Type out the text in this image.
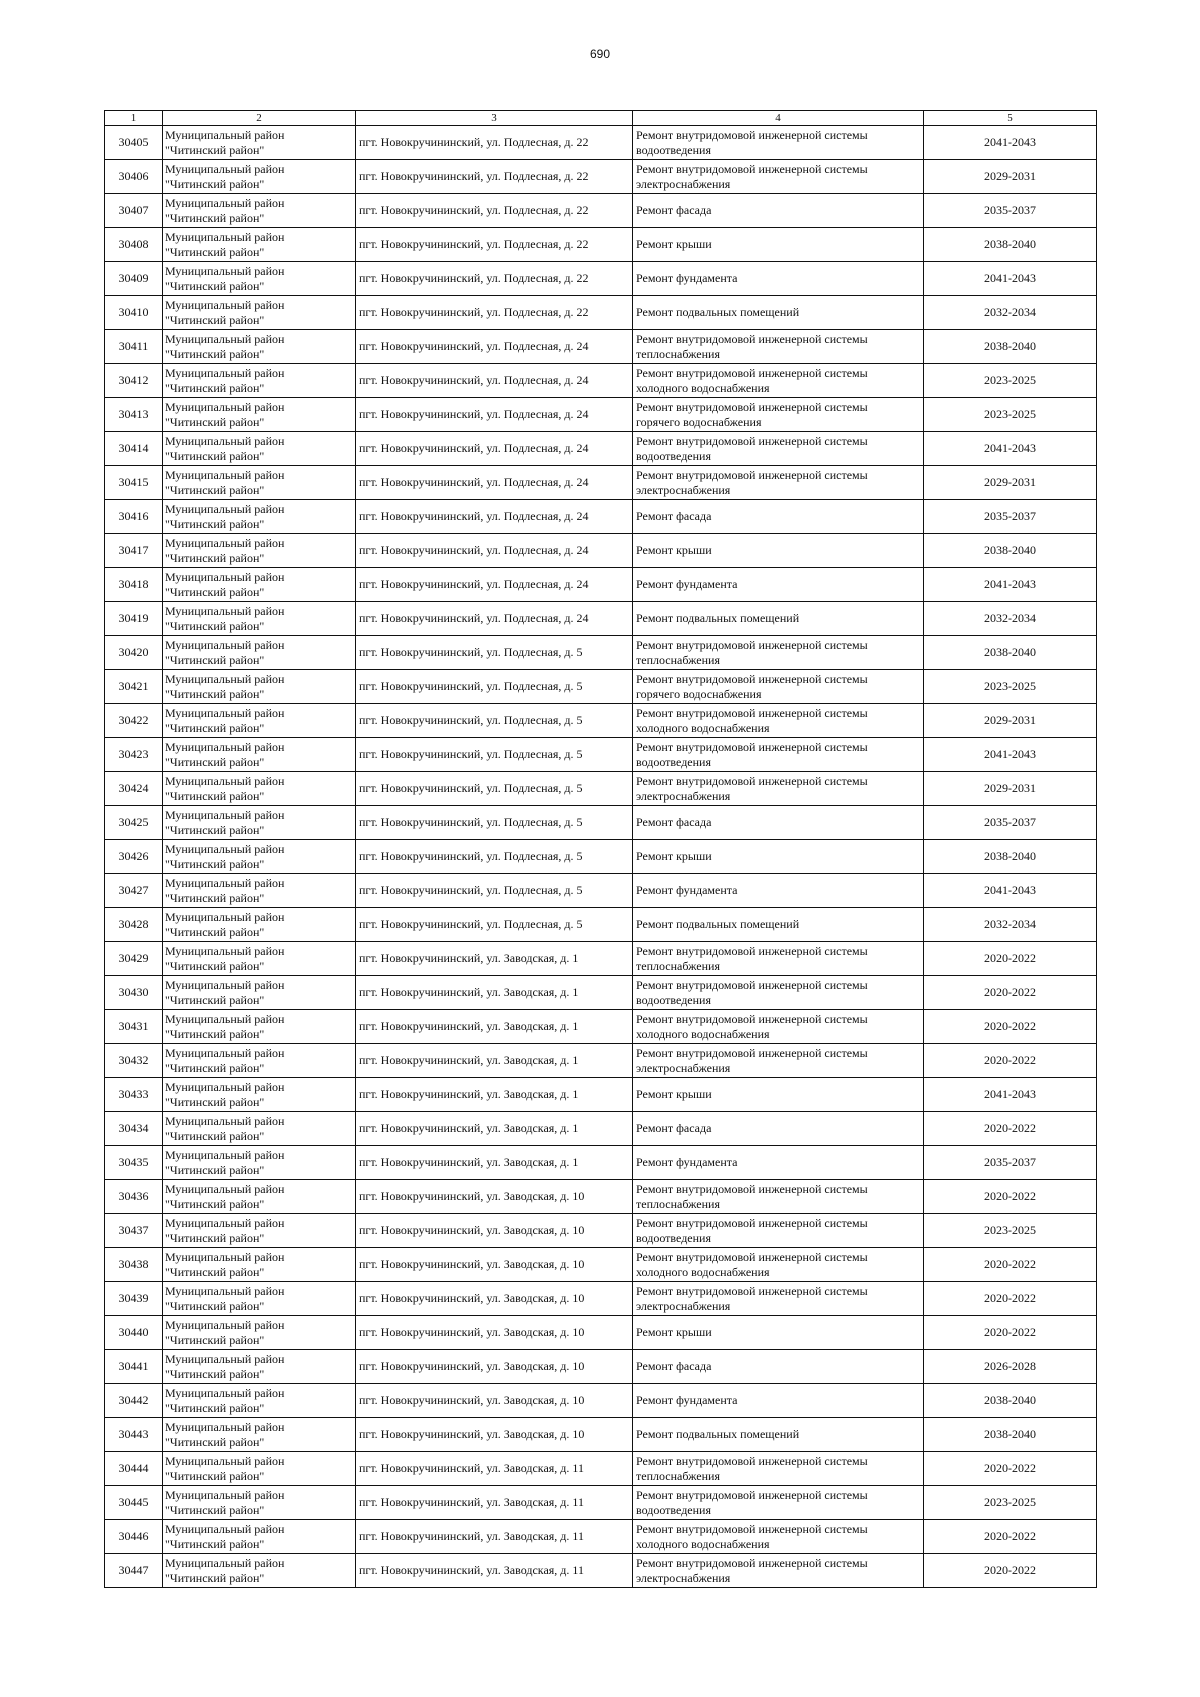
690
1	2	3	4	5
30405	Муниципальный район
"Читинский район"	пгт. Новокручининский, ул. Подлесная, д. 22	Ремонт внутридомовой инженерной системы
водоотведения	2041-2043
30406	Муниципальный район
"Читинский район"	пгт. Новокручининский, ул. Подлесная, д. 22	Ремонт внутридомовой инженерной системы
электроснабжения	2029-2031
30407	Муниципальный район
"Читинский район"	пгт. Новокручининский, ул. Подлесная, д. 22	Ремонт фасада	2035-2037
30408	Муниципальный район
"Читинский район"	пгт. Новокручининский, ул. Подлесная, д. 22	Ремонт крыши	2038-2040
30409	Муниципальный район
"Читинский район"	пгт. Новокручининский, ул. Подлесная, д. 22	Ремонт фундамента	2041-2043
30410	Муниципальный район
"Читинский район"	пгт. Новокручининский, ул. Подлесная, д. 22	Ремонт подвальных помещений	2032-2034
30411	Муниципальный район
"Читинский район"	пгт. Новокручининский, ул. Подлесная, д. 24	Ремонт внутридомовой инженерной системы
теплоснабжения	2038-2040
30412	Муниципальный район
"Читинский район"	пгт. Новокручининский, ул. Подлесная, д. 24	Ремонт внутридомовой инженерной системы
холодного водоснабжения	2023-2025
30413	Муниципальный район
"Читинский район"	пгт. Новокручининский, ул. Подлесная, д. 24	Ремонт внутридомовой инженерной системы
горячего водоснабжения	2023-2025
30414	Муниципальный район
"Читинский район"	пгт. Новокручининский, ул. Подлесная, д. 24	Ремонт внутридомовой инженерной системы
водоотведения	2041-2043
30415	Муниципальный район
"Читинский район"	пгт. Новокручининский, ул. Подлесная, д. 24	Ремонт внутридомовой инженерной системы
электроснабжения	2029-2031
30416	Муниципальный район
"Читинский район"	пгт. Новокручининский, ул. Подлесная, д. 24	Ремонт фасада	2035-2037
30417	Муниципальный район
"Читинский район"	пгт. Новокручининский, ул. Подлесная, д. 24	Ремонт крыши	2038-2040
30418	Муниципальный район
"Читинский район"	пгт. Новокручининский, ул. Подлесная, д. 24	Ремонт фундамента	2041-2043
30419	Муниципальный район
"Читинский район"	пгт. Новокручининский, ул. Подлесная, д. 24	Ремонт подвальных помещений	2032-2034
30420	Муниципальный район
"Читинский район"	пгт. Новокручининский, ул. Подлесная, д. 5	Ремонт внутридомовой инженерной системы
теплоснабжения	2038-2040
30421	Муниципальный район
"Читинский район"	пгт. Новокручининский, ул. Подлесная, д. 5	Ремонт внутридомовой инженерной системы
горячего водоснабжения	2023-2025
30422	Муниципальный район
"Читинский район"	пгт. Новокручининский, ул. Подлесная, д. 5	Ремонт внутридомовой инженерной системы
холодного водоснабжения	2029-2031
30423	Муниципальный район
"Читинский район"	пгт. Новокручининский, ул. Подлесная, д. 5	Ремонт внутридомовой инженерной системы
водоотведения	2041-2043
30424	Муниципальный район
"Читинский район"	пгт. Новокручининский, ул. Подлесная, д. 5	Ремонт внутридомовой инженерной системы
электроснабжения	2029-2031
30425	Муниципальный район
"Читинский район"	пгт. Новокручининский, ул. Подлесная, д. 5	Ремонт фасада	2035-2037
30426	Муниципальный район
"Читинский район"	пгт. Новокручининский, ул. Подлесная, д. 5	Ремонт крыши	2038-2040
30427	Муниципальный район
"Читинский район"	пгт. Новокручининский, ул. Подлесная, д. 5	Ремонт фундамента	2041-2043
30428	Муниципальный район
"Читинский район"	пгт. Новокручининский, ул. Подлесная, д. 5	Ремонт подвальных помещений	2032-2034
30429	Муниципальный район
"Читинский район"	пгт. Новокручининский, ул. Заводская, д. 1	Ремонт внутридомовой инженерной системы
теплоснабжения	2020-2022
30430	Муниципальный район
"Читинский район"	пгт. Новокручининский, ул. Заводская, д. 1	Ремонт внутридомовой инженерной системы
водоотведения	2020-2022
30431	Муниципальный район
"Читинский район"	пгт. Новокручининский, ул. Заводская, д. 1	Ремонт внутридомовой инженерной системы
холодного водоснабжения	2020-2022
30432	Муниципальный район
"Читинский район"	пгт. Новокручининский, ул. Заводская, д. 1	Ремонт внутридомовой инженерной системы
электроснабжения	2020-2022
30433	Муниципальный район
"Читинский район"	пгт. Новокручининский, ул. Заводская, д. 1	Ремонт крыши	2041-2043
30434	Муниципальный район
"Читинский район"	пгт. Новокручининский, ул. Заводская, д. 1	Ремонт фасада	2020-2022
30435	Муниципальный район
"Читинский район"	пгт. Новокручининский, ул. Заводская, д. 1	Ремонт фундамента	2035-2037
30436	Муниципальный район
"Читинский район"	пгт. Новокручининский, ул. Заводская, д. 10	Ремонт внутридомовой инженерной системы
теплоснабжения	2020-2022
30437	Муниципальный район
"Читинский район"	пгт. Новокручининский, ул. Заводская, д. 10	Ремонт внутридомовой инженерной системы
водоотведения	2023-2025
30438	Муниципальный район
"Читинский район"	пгт. Новокручининский, ул. Заводская, д. 10	Ремонт внутридомовой инженерной системы
холодного водоснабжения	2020-2022
30439	Муниципальный район
"Читинский район"	пгт. Новокручининский, ул. Заводская, д. 10	Ремонт внутридомовой инженерной системы
электроснабжения	2020-2022
30440	Муниципальный район
"Читинский район"	пгт. Новокручининский, ул. Заводская, д. 10	Ремонт крыши	2020-2022
30441	Муниципальный район
"Читинский район"	пгт. Новокручининский, ул. Заводская, д. 10	Ремонт фасада	2026-2028
30442	Муниципальный район
"Читинский район"	пгт. Новокручининский, ул. Заводская, д. 10	Ремонт фундамента	2038-2040
30443	Муниципальный район
"Читинский район"	пгт. Новокручининский, ул. Заводская, д. 10	Ремонт подвальных помещений	2038-2040
30444	Муниципальный район
"Читинский район"	пгт. Новокручининский, ул. Заводская, д. 11	Ремонт внутридомовой инженерной системы
теплоснабжения	2020-2022
30445	Муниципальный район
"Читинский район"	пгт. Новокручининский, ул. Заводская, д. 11	Ремонт внутридомовой инженерной системы
водоотведения	2023-2025
30446	Муниципальный район
"Читинский район"	пгт. Новокручининский, ул. Заводская, д. 11	Ремонт внутридомовой инженерной системы
холодного водоснабжения	2020-2022
30447	Муниципальный район
"Читинский район"	пгт. Новокручининский, ул. Заводская, д. 11	Ремонт внутридомовой инженерной системы
электроснабжения	2020-2022
